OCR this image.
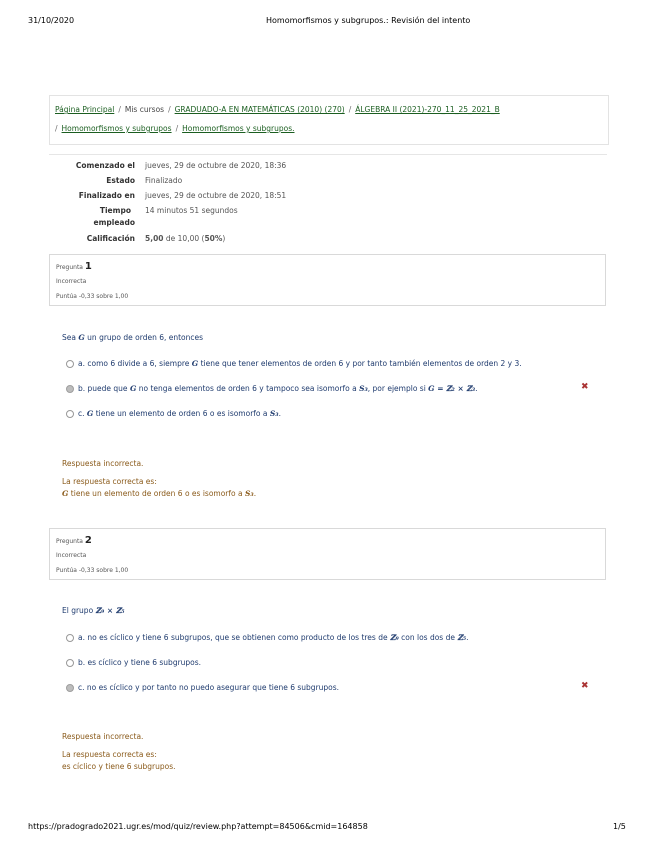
31/10/2020	Homomorfismos y subgrupos.: Revisión del intento
Página Principal / Mis cursos / GRADUADO-A EN MATEMÁTICAS (2010) (270) / ÁLGEBRA II (2021)-270_11_25_2021_B
/ Homomorfismos y subgrupos / Homomorfismos y subgrupos.
Comenzado el jueves, 29 de octubre de 2020, 18:36
Estado Finalizado
Finalizado en jueves, 29 de octubre de 2020, 18:51
Tiempo
empleado
14 minutos 51 segundos
Calificación 5,00 de 10,00 (50%)
Pregunta 1
Incorrecta
Puntúa -0,33 sobre 1,00
Sea G un grupo de orden 6, entonces
a. como 6 divide a 6, siempre G tiene que tener elementos de orden 6 y por tanto también elementos de orden 2 y 3.
b. puede que G no tenga elementos de orden 6 y tampoco sea isomorfo a S₃, por ejemplo si G = ℤ₂ × ℤ₃.	✖
c. G tiene un elemento de orden 6 o es isomorfo a S₃.
Respuesta incorrecta.
La respuesta correcta es:
G tiene un elemento de orden 6 o es isomorfo a S₃.
Pregunta 2
Incorrecta
Puntúa -0,33 sobre 1,00
El grupo ℤ₉ × ℤ₅
a. no es cíclico y tiene 6 subgrupos, que se obtienen como producto de los tres de ℤ₉ con los dos de ℤ₅.
b. es cíclico y tiene 6 subgrupos.
c. no es cíclico y por tanto no puedo asegurar que tiene 6 subgrupos.	✖
Respuesta incorrecta.
La respuesta correcta es:
es cíclico y tiene 6 subgrupos.
https://pradogrado2021.ugr.es/mod/quiz/review.php?attempt=84506&cmid=164858	1/5
